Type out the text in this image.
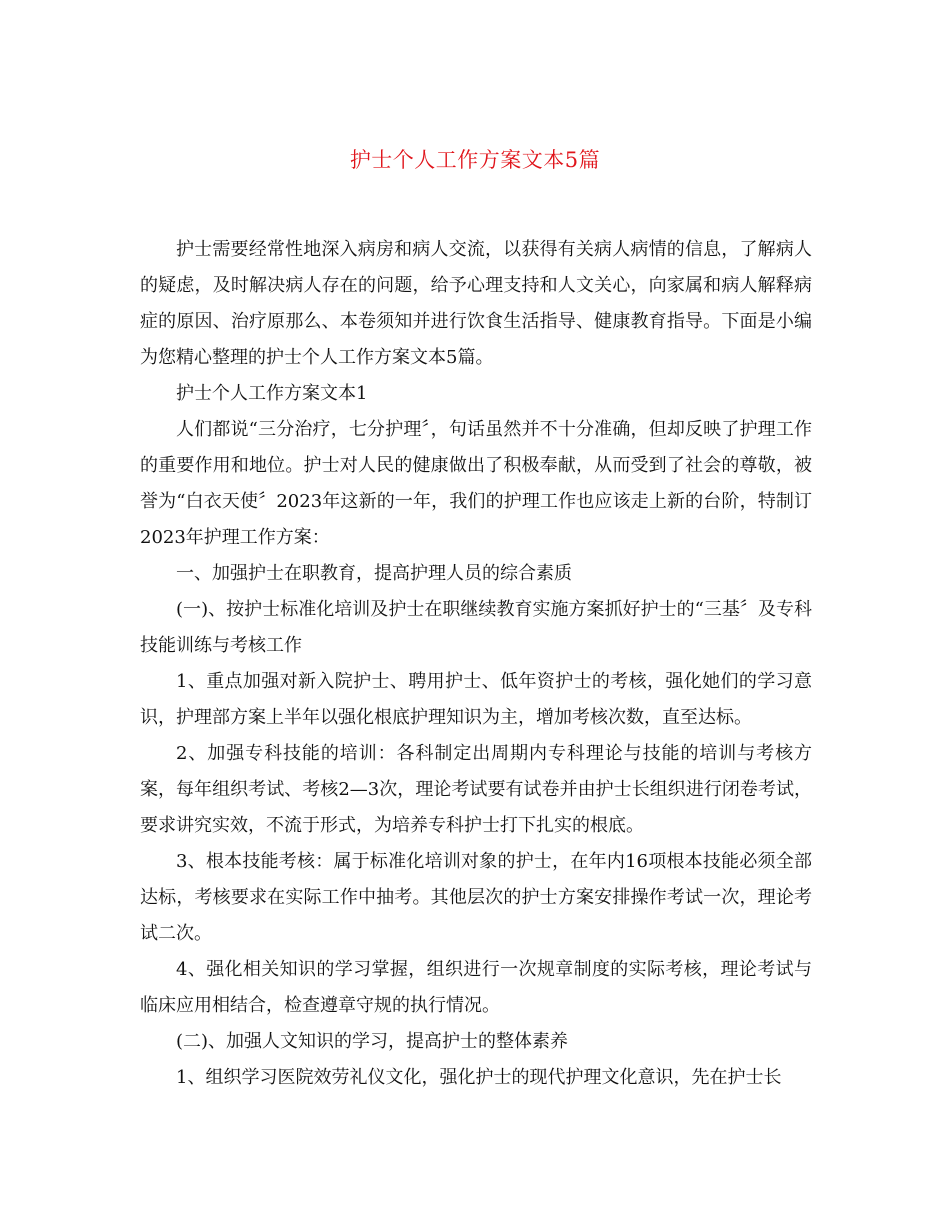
护士个人工作方案文本5篇

护士需要经常性地深入病房和病人交流，以获得有关病人病情的信息，了解病人的疑虑，及时解决病人存在的问题，给予心理支持和人文关心，向家属和病人解释病症的原因、治疗原那么、本卷须知并进行饮食生活指导、健康教育指导。下面是小编为您精心整理的护士个人工作方案文本5篇。

护士个人工作方案文本1

人们都说“三分治疗，七分护理〞，句话虽然并不十分准确，但却反映了护理工作的重要作用和地位。护士对人民的健康做出了积极奉献，从而受到了社会的尊敬，被誉为“白衣天使〞2023年这新的一年，我们的护理工作也应该走上新的台阶，特制订2023年护理工作方案：

一、加强护士在职教育，提高护理人员的综合素质

(一)、按护士标准化培训及护士在职继续教育实施方案抓好护士的“三基〞及专科技能训练与考核工作

1、重点加强对新入院护士、聘用护士、低年资护士的考核，强化她们的学习意识，护理部方案上半年以强化根底护理知识为主，增加考核次数，直至达标。

2、加强专科技能的培训：各科制定出周期内专科理论与技能的培训与考核方案，每年组织考试、考核2—3次，理论考试要有试卷并由护士长组织进行闭卷考试，要求讲究实效，不流于形式，为培养专科护士打下扎实的根底。

3、根本技能考核：属于标准化培训对象的护士，在年内16项根本技能必须全部达标，考核要求在实际工作中抽考。其他层次的护士方案安排操作考试一次，理论考试二次。

4、强化相关知识的学习掌握，组织进行一次规章制度的实际考核，理论考试与临床应用相结合，检查遵章守规的执行情况。

(二)、加强人文知识的学习，提高护士的整体素养

1、组织学习医院效劳礼仪文化，强化护士的现代护理文化意识，先在护士长
